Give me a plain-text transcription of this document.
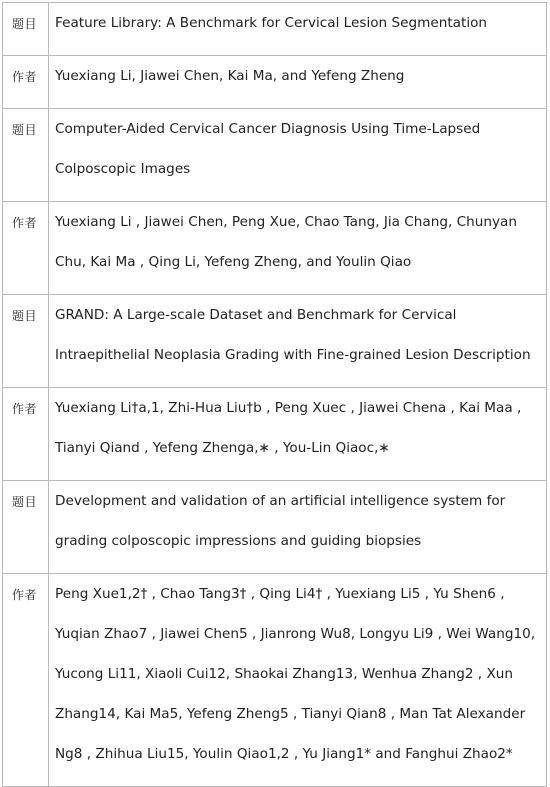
题目	Feature Library: A Benchmark for Cervical Lesion Segmentation
作者	Yuexiang Li, Jiawei Chen, Kai Ma, and Yefeng Zheng
题目	Computer-Aided Cervical Cancer Diagnosis Using Time-Lapsed Colposcopic Images
作者	Yuexiang Li , Jiawei Chen, Peng Xue, Chao Tang, Jia Chang, Chunyan Chu, Kai Ma , Qing Li, Yefeng Zheng, and Youlin Qiao
题目	GRAND: A Large-scale Dataset and Benchmark for Cervical Intraepithelial Neoplasia Grading with Fine-grained Lesion Description
作者	Yuexiang Li†a,1, Zhi-Hua Liu†b , Peng Xuec , Jiawei Chena , Kai Maa , Tianyi Qiand , Yefeng Zhenga,∗ , You-Lin Qiaoc,∗
题目	Development and validation of an artificial intelligence system for grading colposcopic impressions and guiding biopsies
作者	Peng Xue1,2† , Chao Tang3† , Qing Li4† , Yuexiang Li5 , Yu Shen6 , Yuqian Zhao7 , Jiawei Chen5 , Jianrong Wu8, Longyu Li9 , Wei Wang10, Yucong Li11, Xiaoli Cui12, Shaokai Zhang13, Wenhua Zhang2 , Xun Zhang14, Kai Ma5, Yefeng Zheng5 , Tianyi Qian8 , Man Tat Alexander Ng8 , Zhihua Liu15, Youlin Qiao1,2 , Yu Jiang1* and Fanghui Zhao2*
